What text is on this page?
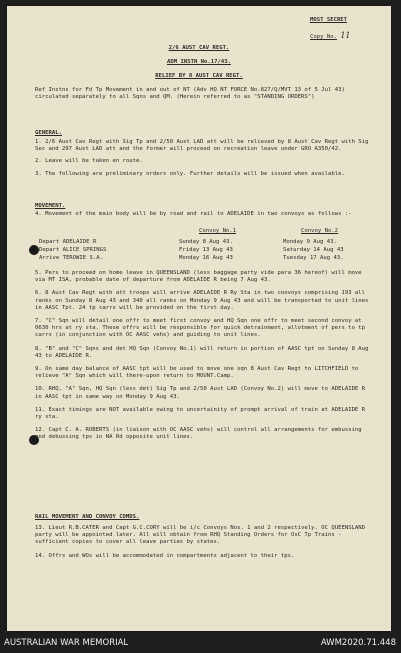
MOST SECRET
Copy No. 11
2/6 AUST CAV REGT.
ADM INSTN No.17/43.
RELIEF BY 8 AUST CAV REGT.

Ref Instns for Fd Tp Movement in and out of NT (Adv HQ NT FORCE No.827/Q/MVT 13 of 5 Jul 43) circulated separately to all Sqns and QM. (Herein referred to as "STANDING ORDERS")

GENERAL.

1. 2/6 Aust Cav Regt with Sig Tp and 2/50 Aust LAD att will be relieved by 8 Aust Cav Regt with Sig Sec and 297 Aust LAD att and the former will proceed on recreation leave under GRO A350/42.

2. Leave will be taken en route.

3. The following are preliminary orders only. Further details will be issued when available.

MOVEMENT.

4. Movement of the main body will be by road and rail to ADELAIDE in two convoys as follows :-

Convoy No.1	Convoy No.2
Depart ADELAIDE R	Sunday 8 Aug 43.	Monday 9 Aug 43.
Depart ALICE SPRINGS	Friday 13 Aug 43	Saturday 14 Aug 43
Arrive TEROWIE S.A.	Monday 16 Aug 43	Tuesday 17 Aug 43.

5. Pers to proceed on home leave in QUEENSLAND (less baggage party vide para 36 hereof) will move via MT ISA, probable date of departure from ADELAIDE R being 7 Aug 43.

6. 8 Aust Cav Regt with att troops will arrive ADELAIDE R Ry Sta in two convoys comprising 193 all ranks on Sunday 8 Aug 43 and 340 all ranks on Monday 9 Aug 43 and will be transported to unit lines in AASC Tpt. 24 tp carrs will be provided on the first day.

7. "C" Sqn will detail one offr to meet first convoy and HQ Sqn one offr to meet second convoy at 0630 hrs at ry sta. These offrs will be responsible for quick detrainment, allotment of pers to tp carrs (in conjunction with OC AASC vehs) and guiding to unit lines.

8. "B" and "C" Sqns and det HQ Sqn (Convoy No.1) will return in portion of AASC tpt on Sunday 8 Aug 43 to ADELAIDE R.

9. On same day balance of AASC tpt will be used to move one sqn 8 Aust Cav Regt to LITCHFIELD to relieve "A" Sqn which will there-upon return to MOUNT.Camp.

10. RHQ, "A" Sqn, HQ Sqn (less det) Sig Tp and 2/50 Aust LAD (Convoy No.2) will move to ADELAIDE R in AASC tpt in same way on Monday 9 Aug 43.

11. Exact timings are NOT available owing to uncertainity of prompt arrival of train at ADELAIDE R ry sta.

12. Capt C. A. ROBERTS (in liaison with OC AASC vehs) will control all arrangements for embussing and debussing tps in NA Rd opposite unit lines.

RAIL MOVEMENT AND CONVOY COMDS.

13. Lieut R.B.CATER and Capt G.C.CORY will be i/c Convoys Nos. 1 and 2 respectively. OC QUEENSLAND party will be appointed later. All will obtain from RHQ Standing Orders for OsC Tp Trains - sufficient copies to cover all leave parties by states.

14. Offrs and WOs will be accommodated in compartments adjacent to their tps.

AUSTRALIAN WAR MEMORIAL	AWM2020.71.448
